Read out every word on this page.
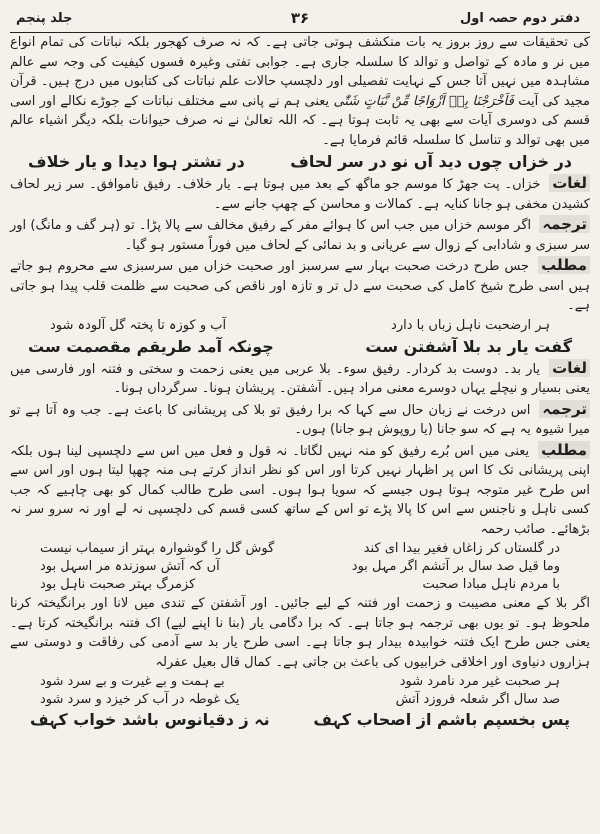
دفتر دوم حصہ اول
۳۶
جلد پنجم

کی تحقیقات سے روز بروز یہ بات منکشف ہوتی جاتی ہے۔ کہ نہ صرف کھجور بلکہ نباتات کی تمام انواع میں نر و مادہ کے تواصل و توالد کا سلسلہ جاری ہے۔ جوابی تفتی وغیرہ فسوں کیفیت کی وجہ سے عالم مشاہدہ میں نہیں آتا جس کے نہایت تفصیلی اور دلچسپ حالات علم نباتات کی کتابوں میں درج ہیں۔ قرآن مجید کی آیت فَاَخْرَجْنَا بِهٖ اَزْوَاجًا مِّنْ نَّبَاتٍ شَتّٰی یعنی ہم نے پانی سے مختلف نباتات کے جوڑے نکالے اور اسی قسم کی دوسری آیات سے بھی یہ ثابت ہوتا ہے۔ کہ اللہ تعالیٰ نے نہ صرف حیوانات بلکہ دیگر اشیاء عالم میں بھی توالد و تناسل کا سلسلہ قائم فرمایا ہے۔

در خزاں چوں دید آں نو در سر لحاف
در تشتر ہوا دیدا و یار خلاف

لغات خزاں۔ پت جھڑ کا موسم جو ماگھ کے بعد میں ہوتا ہے۔ یار خلاف۔ رفیق ناموافق۔ سر زیر لحاف کشیدن مخفی ہو جانا کنایہ ہے۔ کمالات و محاسن کے چھپ جانے سے۔

ترجمہ اگر موسم خزاں میں جب اس کا ہوائے مفر کے رفیق مخالف سے پالا پڑا۔ تو (ہر گف و مانگ) اور سر سبزی و شادابی کے زوال سے عریانی و بد نمائی کے لحاف میں فوراً مستور ہو گیا۔

مطلب جس طرح درخت صحبت بہار سے سرسبز اور صحبت خزاں میں سرسبزی سے محروم ہو جاتے ہیں اسی طرح شیخ کامل کی صحبت سے دل تر و تازہ اور ناقص کی صحبت سے ظلمت قلب پیدا ہو جاتی ہے۔

ہر ارضحبت ناہل زباں با دارد
آب و کوزہ تا پختہ گل آلودہ شود
گفت یار بد بلا آشفتن ست
چونکہ آمد طریقم مقصمت ست

لغات یار بد۔ دوست بد کردار۔ رفیق سوء۔ بلا عربی میں یعنی زحمت و سختی و فتنہ اور فارسی میں یعنی بسیار و نیچلے یہاں دوسرے معنی مراد ہیں۔ آشفتن۔ پریشان ہونا۔ سرگرداں ہونا۔

ترجمہ اس درخت نے زبان حال سے کہا کہ برا رفیق تو بلا کی پریشانی کا باعث ہے۔ جب وہ آتا ہے تو میرا شیوہ یہ ہے کہ سو جانا (یا روپوش ہو جانا) ہوں۔

مطلب یعنی میں اس بُرے رفیق کو منہ نہیں لگاتا۔ نہ قول و فعل میں اس سے دلچسپی لینا ہوں بلکہ اپنی پریشانی تک کا اس پر اظہار نہیں کرتا اور اس کو نظر انداز کرتے ہی منہ چھپا لیتا ہوں اور اس سے اس طرح غیر متوجہ ہوتا ہوں جیسے کہ سویا ہوا ہوں۔ اسی طرح طالب کمال کو بھی چاہیے کہ جب کسی ناہل و ناجنس سے اس کا پالا پڑے تو اس کے ساتھ کسی قسم کی دلچسپی نہ لے اور نہ سرو سر نہ بڑھائے۔ صائب رحمہ

در گلستاں کر زاغاں فغیر بیدا ای کند
گوش گل را گوشوارہ بہتر از سیماب نیست
وما قیل صد سال بر آتشم اگر مہل بود
آں کہ آتش سوزندہ مر اسہل بود
با مردم ناہل مبادا صحبت
کزمرگ بہتر صحبت ناہل بود

اگر بلا کے معنی مصیبت و زحمت اور فتنہ کے لیے جائیں۔ اور آشفتن کے تندی میں لانا اور برانگیختہ کرنا ملحوظ ہو۔ تو یوں بھی ترجمہ ہو جاتا ہے۔ کہ برا دگامی یار (بنا نا اپنے لیے) اک فتنہ برانگیختہ کرتا ہے۔ یعنی جس طرح ایک فتنہ خوابیدہ بیدار ہو جاتا ہے۔ اسی طرح یار بد سے آدمی کی رفاقت و دوستی سے ہزاروں دنیاوی اور اخلاقی خرابیوں کی باعث بن جاتی ہے۔ کمال قال بعیل عفرلہ

ہر صحبت غیر مرد نامرد شود
بے ہمت و بے غیرت و بے سرد شود
صد سال اگر شعلہ فروزد آتش
یک غوطہ در آب کر خیزد و سرد شود
پس بخسپم باشم از اصحاب کہف
نہ ز دقیانوس باشد خواب کہف
